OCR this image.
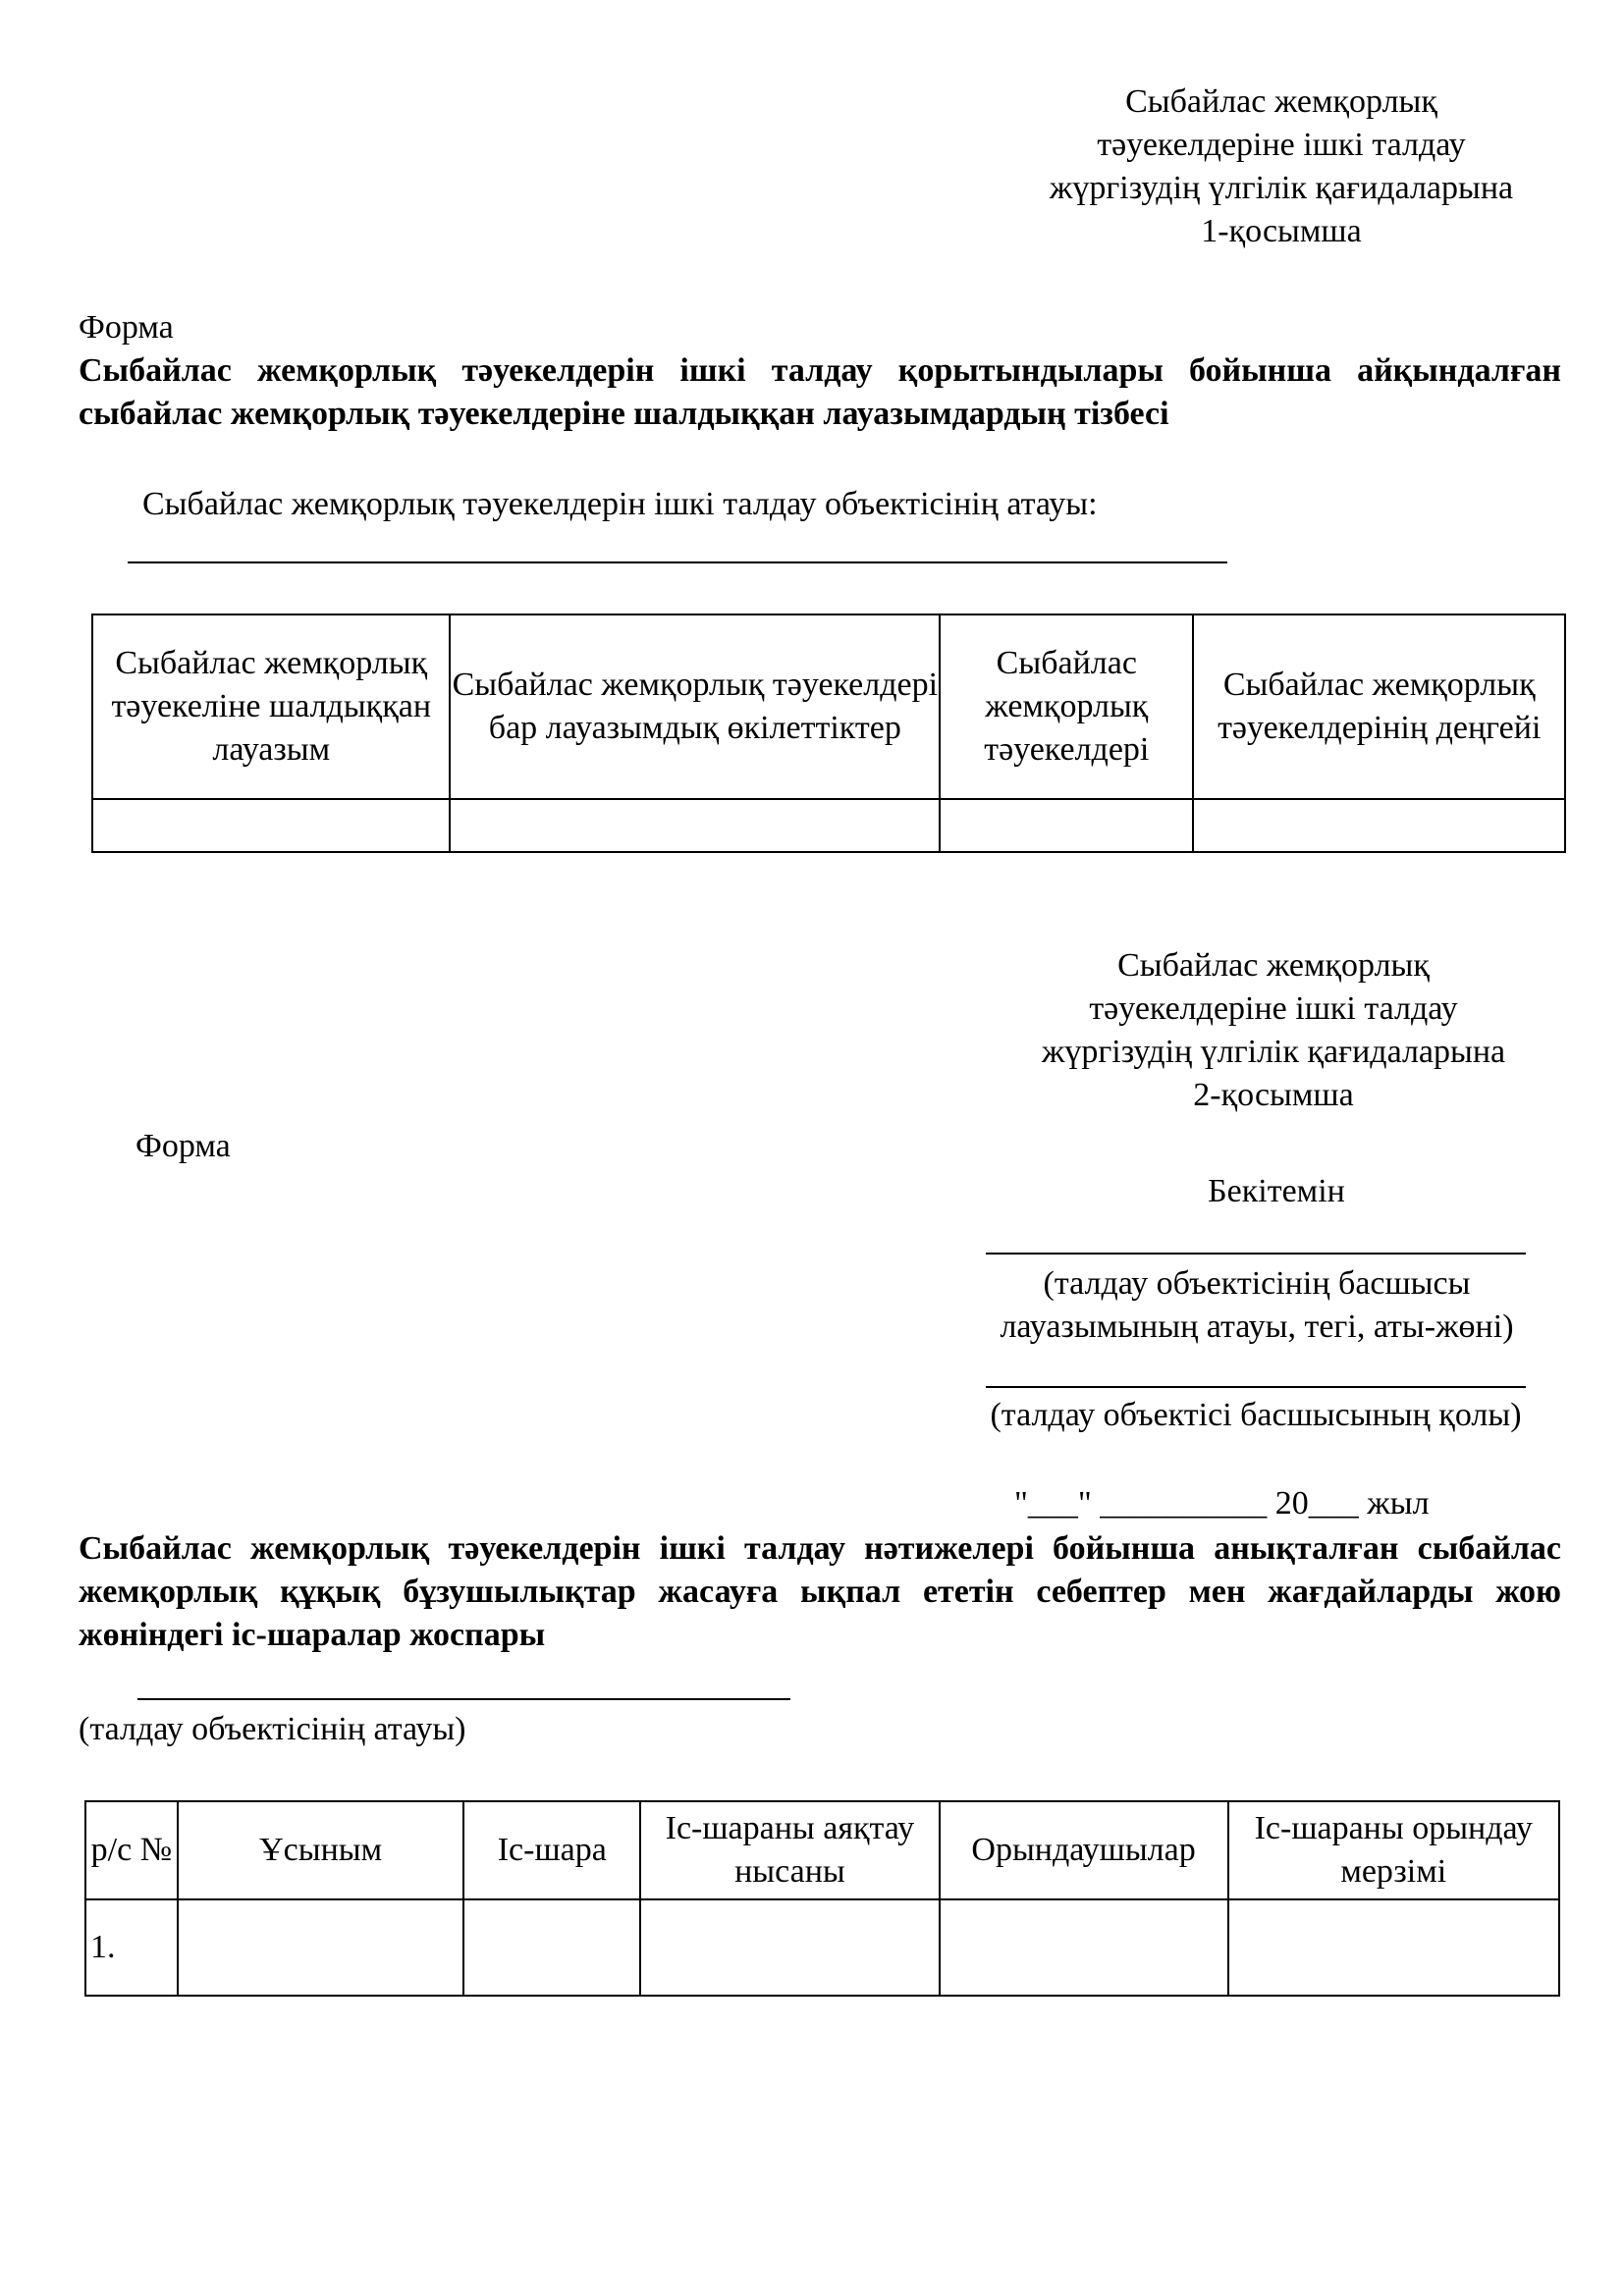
Сыбайлас жемқорлық
тәуекелдеріне ішкі талдау
жүргізудің үлгілік қағидаларына
1-қосымша
Форма
Сыбайлас жемқорлық тәуекелдерін ішкі талдау қорытындылары бойынша айқындалған сыбайлас жемқорлық тәуекелдеріне шалдыққан лауазымдардың тізбесі
Сыбайлас жемқорлық тәуекелдерін ішкі талдау объектісінің атауы:
Сыбайлас жемқорлық тәуекеліне шалдыққан лауазым	Сыбайлас жемқорлық тәуекелдері бар лауазымдық өкілеттіктер	Сыбайлас жемқорлық тәуекелдері	Сыбайлас жемқорлық тәуекелдерінің деңгейі

Сыбайлас жемқорлық
тәуекелдеріне ішкі талдау
жүргізудің үлгілік қағидаларына
2-қосымша
Форма
Бекітемін
(талдау объектісінің басшысы лауазымының атауы, тегі, аты-жөні)
(талдау объектісі басшысының қолы)
"___" __________ 20___ жыл
Сыбайлас жемқорлық тәуекелдерін ішкі талдау нәтижелері бойынша анықталған сыбайлас жемқорлық құқық бұзушылықтар жасауға ықпал ететін себептер мен жағдайларды жою жөніндегі іс-шаралар жоспары
(талдау объектісінің атауы)
р/с №	Ұсыным	Іс-шара	Іс-шараны аяқтау нысаны	Орындаушылар	Іс-шараны орындау мерзімі
1.					
